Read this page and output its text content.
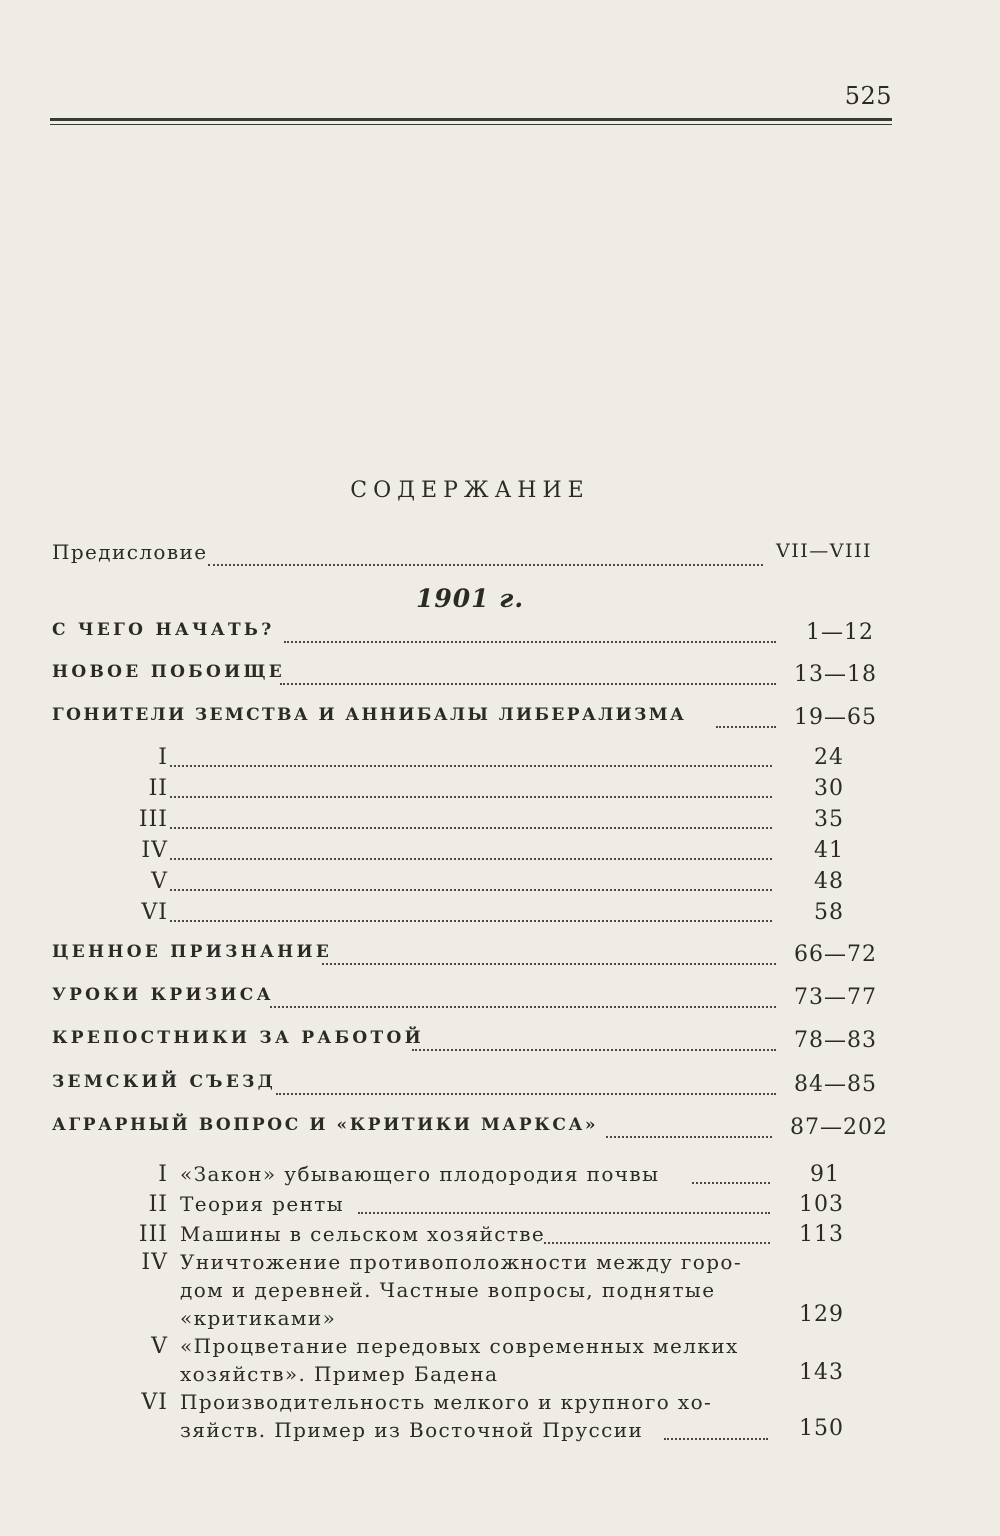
525
СОДЕРЖАНИЕ
Предисловие	VII—VIII
1901 г.
С ЧЕГО НАЧАТЬ?	1—12
НОВОЕ ПОБОИЩЕ	13—18
ГОНИТЕЛИ ЗЕМСТВА И АННИБАЛЫ ЛИБЕРАЛИЗМА	19—65
I	24
II	30
III	35
IV	41
V	48
VI	58
ЦЕННОЕ ПРИЗНАНИЕ	66—72
УРОКИ КРИЗИСА	73—77
КРЕПОСТНИКИ ЗА РАБОТОЙ	78—83
ЗЕМСКИЙ СЪЕЗД	84—85
АГРАРНЫЙ ВОПРОС И «КРИТИКИ МАРКСА»	87—202
I «Закон» убывающего плодородия почвы	91
II Теория ренты	103
III Машины в сельском хозяйстве	113
IV Уничтожение противоположности между горо-
дом и деревней. Частные вопросы, поднятые
«критиками»	129
V «Процветание передовых современных мелких
хозяйств». Пример Бадена	143
VI Производительность мелкого и крупного хо-
зяйств. Пример из Восточной Пруссии	150
